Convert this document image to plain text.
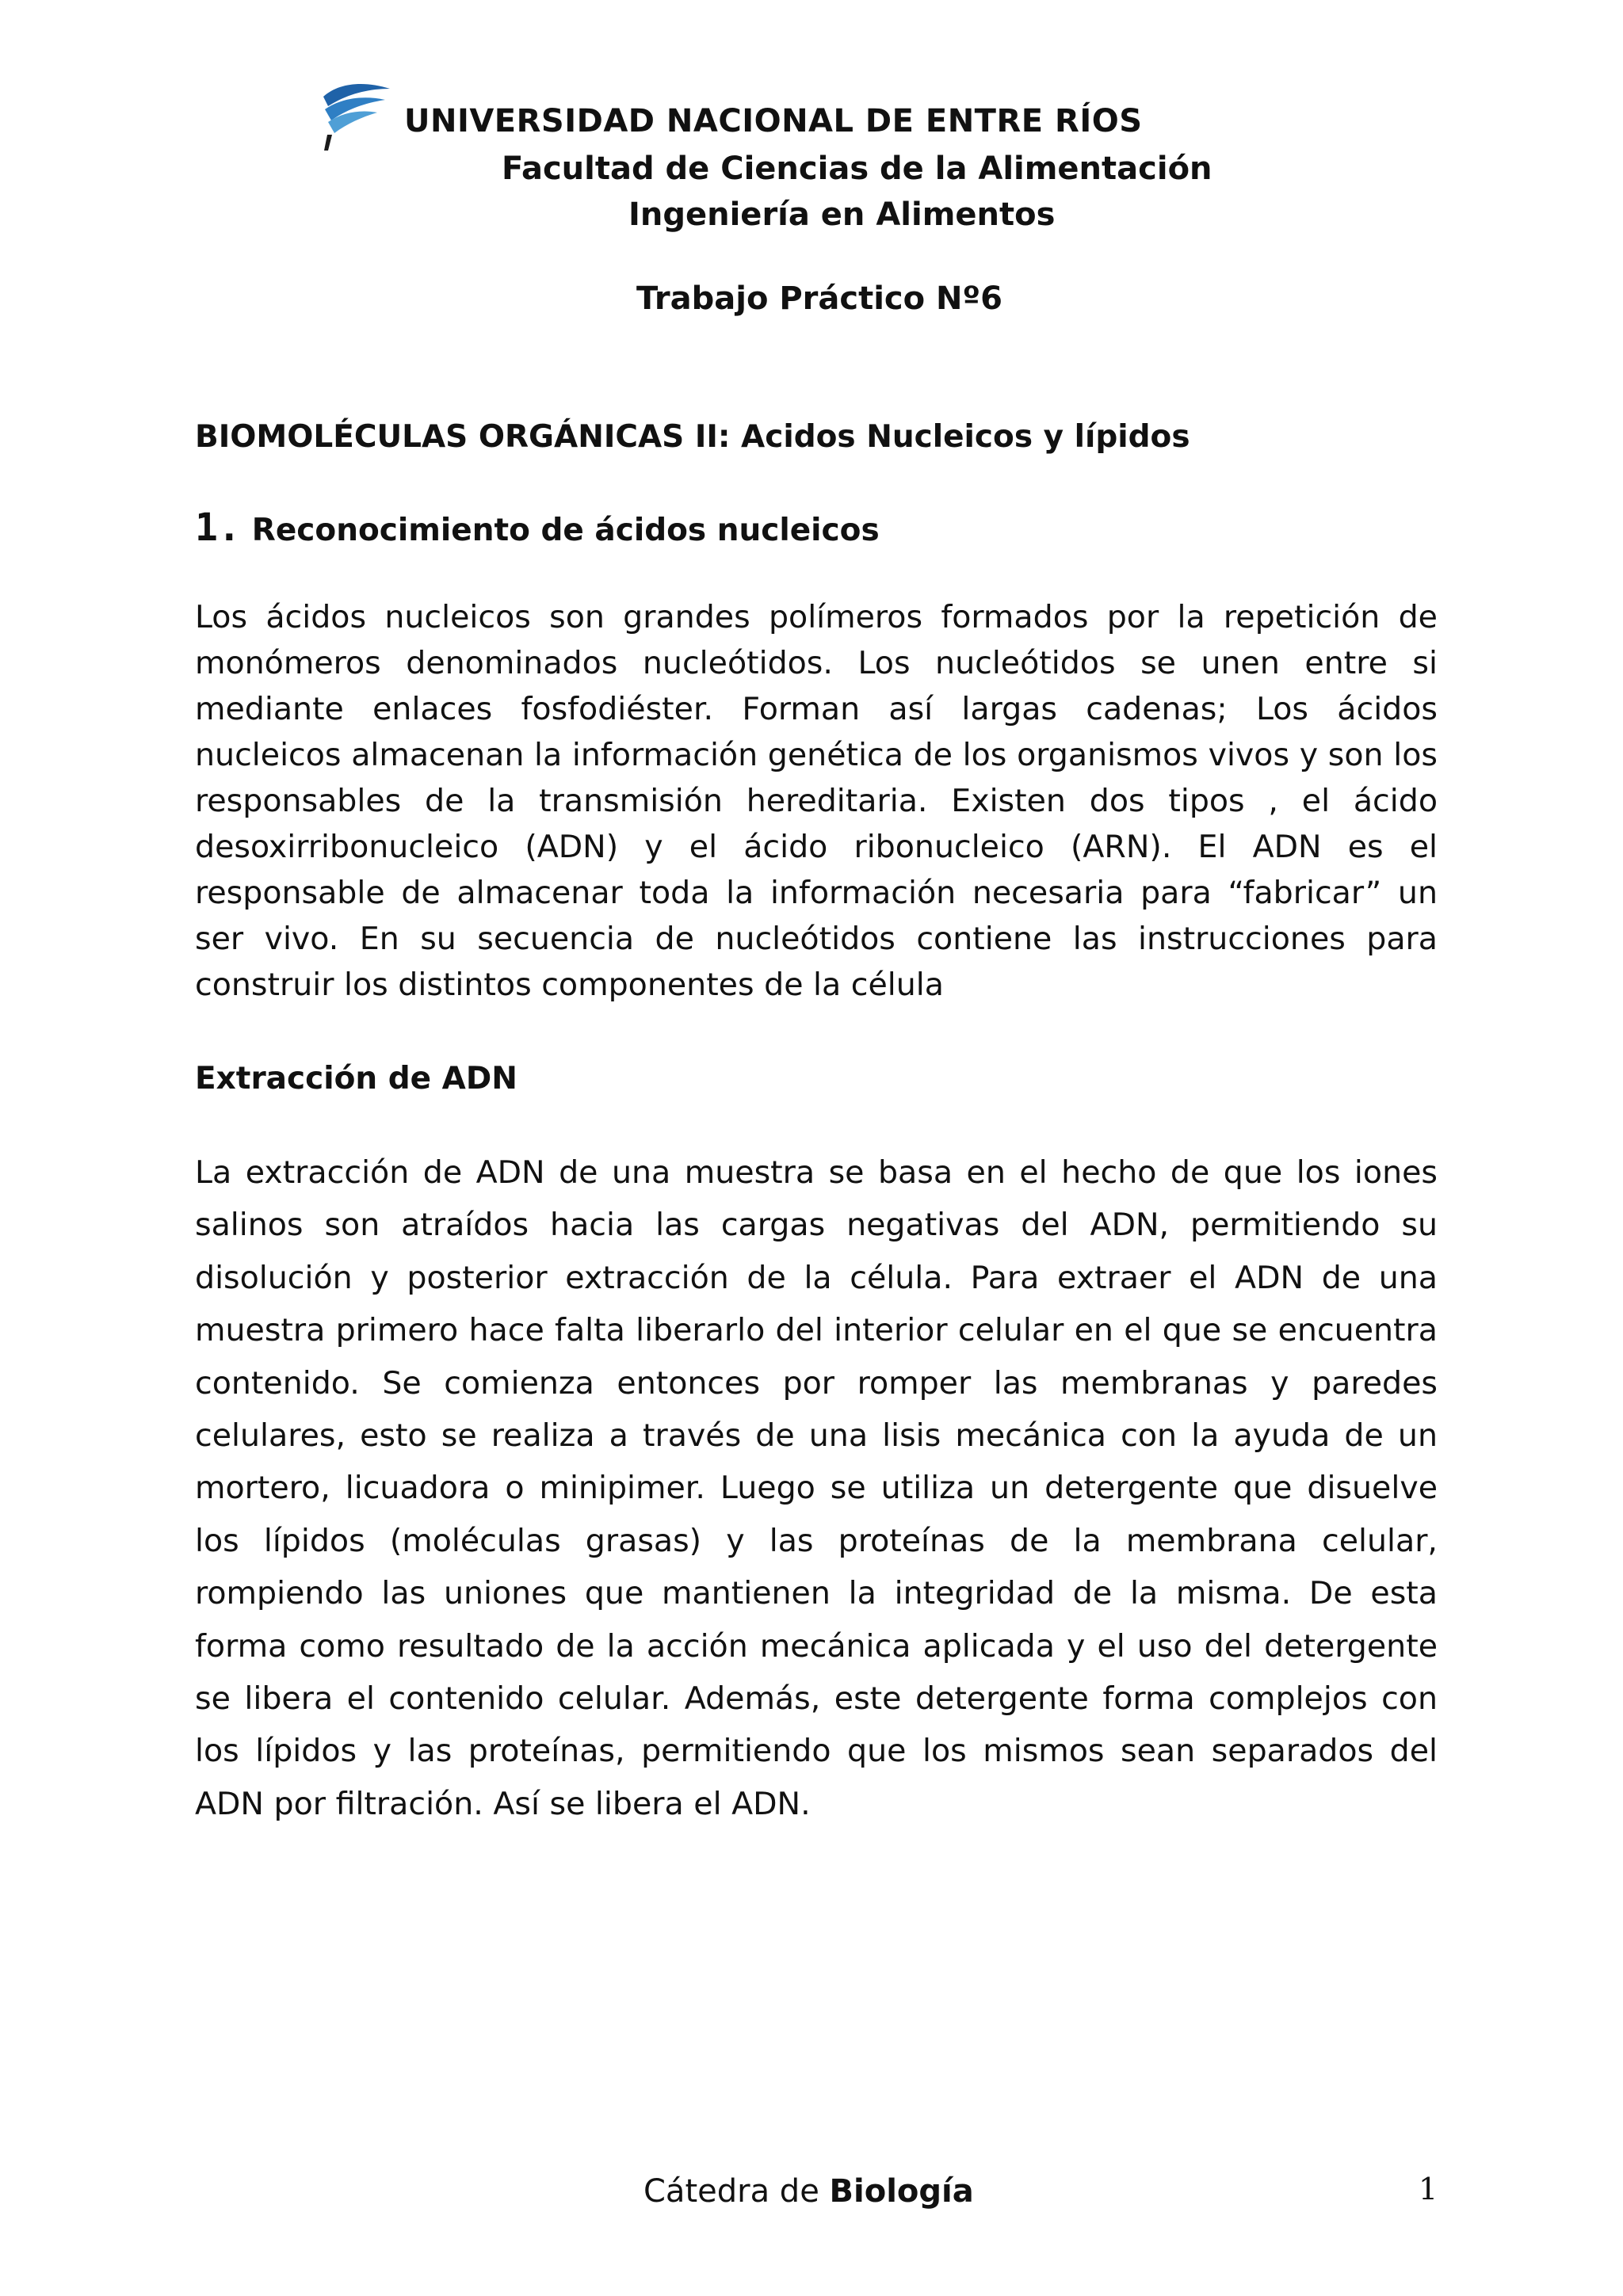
UNIVERSIDAD NACIONAL DE ENTRE RÍOS
Facultad de Ciencias de la Alimentación
Ingeniería en Alimentos
Trabajo Práctico Nº6
BIOMOLÉCULAS ORGÁNICAS II: Acidos Nucleicos y lípidos
1. Reconocimiento de ácidos nucleicos
Los ácidos nucleicos son grandes polímeros formados por la repetición de monómeros denominados nucleótidos. Los nucleótidos se unen entre si mediante enlaces fosfodiéster. Forman así largas cadenas; Los ácidos nucleicos almacenan la información genética de los organismos vivos y son los responsables de la transmisión hereditaria. Existen dos tipos , el ácido desoxirribonucleico (ADN) y el ácido ribonucleico (ARN). El ADN es el responsable de almacenar toda la información necesaria para “fabricar” un ser vivo. En su secuencia de nucleótidos contiene las instrucciones para construir los distintos componentes de la célula
Extracción de ADN
La extracción de ADN de una muestra se basa en el hecho de que los iones salinos son atraídos hacia las cargas negativas del ADN, permitiendo su disolución y posterior extracción de la célula. Para extraer el ADN de una muestra primero hace falta liberarlo del interior celular en el que se encuentra contenido. Se comienza entonces por romper las membranas y paredes celulares, esto se realiza a través de una lisis mecánica con la ayuda de un mortero, licuadora o minipimer. Luego se utiliza un detergente que disuelve los lípidos (moléculas grasas) y las proteínas de la membrana celular, rompiendo las uniones que mantienen la integridad de la misma. De esta forma como resultado de la acción mecánica aplicada y el uso del detergente se libera el contenido celular. Además, este detergente forma complejos con los lípidos y las proteínas, permitiendo que los mismos sean separados del ADN por filtración. Así se libera el ADN.
Cátedra de Biología	1
